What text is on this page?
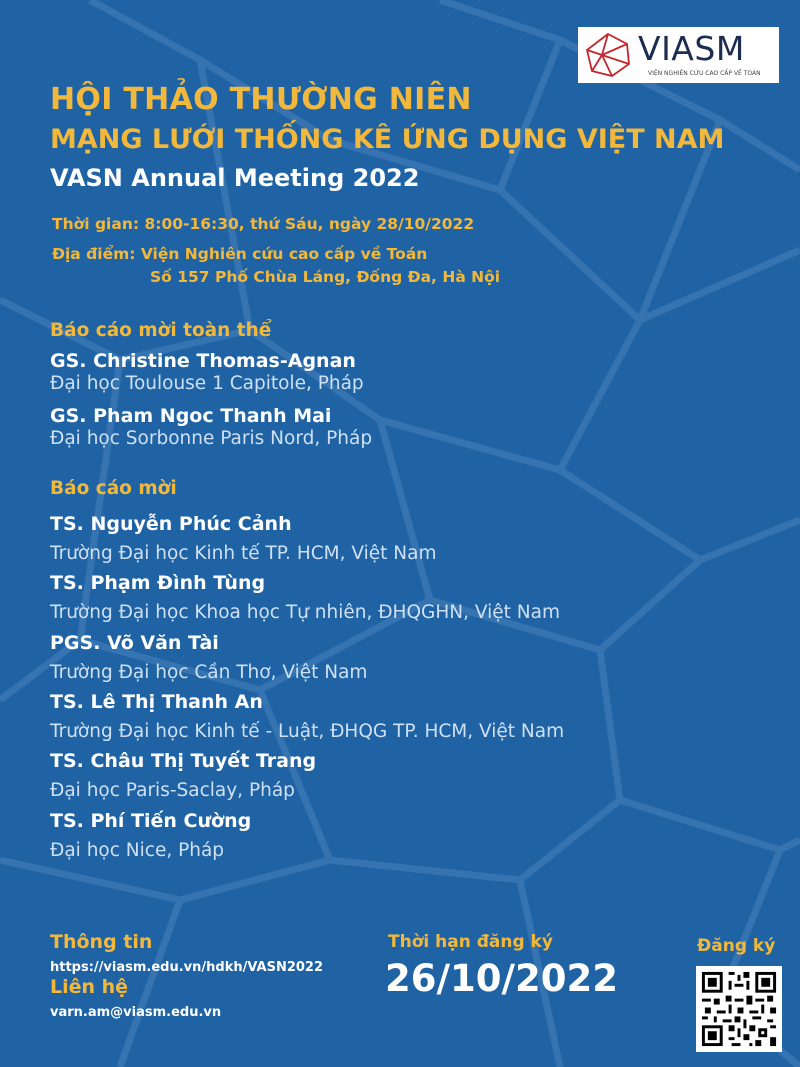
VIASM
VIỆN NGHIÊN CỨU CAO CẤP VỀ TOÁN
HỘI THẢO THƯỜNG NIÊN
MẠNG LƯỚI THỐNG KÊ ỨNG DỤNG VIỆT NAM
VASN Annual Meeting 2022
Thời gian: 8:00-16:30, thứ Sáu, ngày 28/10/2022
Địa điểm: Viện Nghiên cứu cao cấp về Toán
Số 157 Phố Chùa Láng, Đống Đa, Hà Nội
Báo cáo mời toàn thể
GS. Christine Thomas-Agnan
Đại học Toulouse 1 Capitole, Pháp
GS. Pham Ngoc Thanh Mai
Đại học Sorbonne Paris Nord, Pháp
Báo cáo mời
TS. Nguyễn Phúc Cảnh
Trường Đại học Kinh tế TP. HCM, Việt Nam
TS. Phạm Đình Tùng
Trường Đại học Khoa học Tự nhiên, ĐHQGHN, Việt Nam
PGS. Võ Văn Tài
Trường Đại học Cần Thơ, Việt Nam
TS. Lê Thị Thanh An
Trường Đại học Kinh tế - Luật, ĐHQG TP. HCM, Việt Nam
TS. Châu Thị Tuyết Trang
Đại học Paris-Saclay, Pháp
TS. Phí Tiến Cường
Đại học Nice, Pháp
Thông tin
https://viasm.edu.vn/hdkh/VASN2022
Liên hệ
varn.am@viasm.edu.vn
Thời hạn đăng ký
26/10/2022
Đăng ký
